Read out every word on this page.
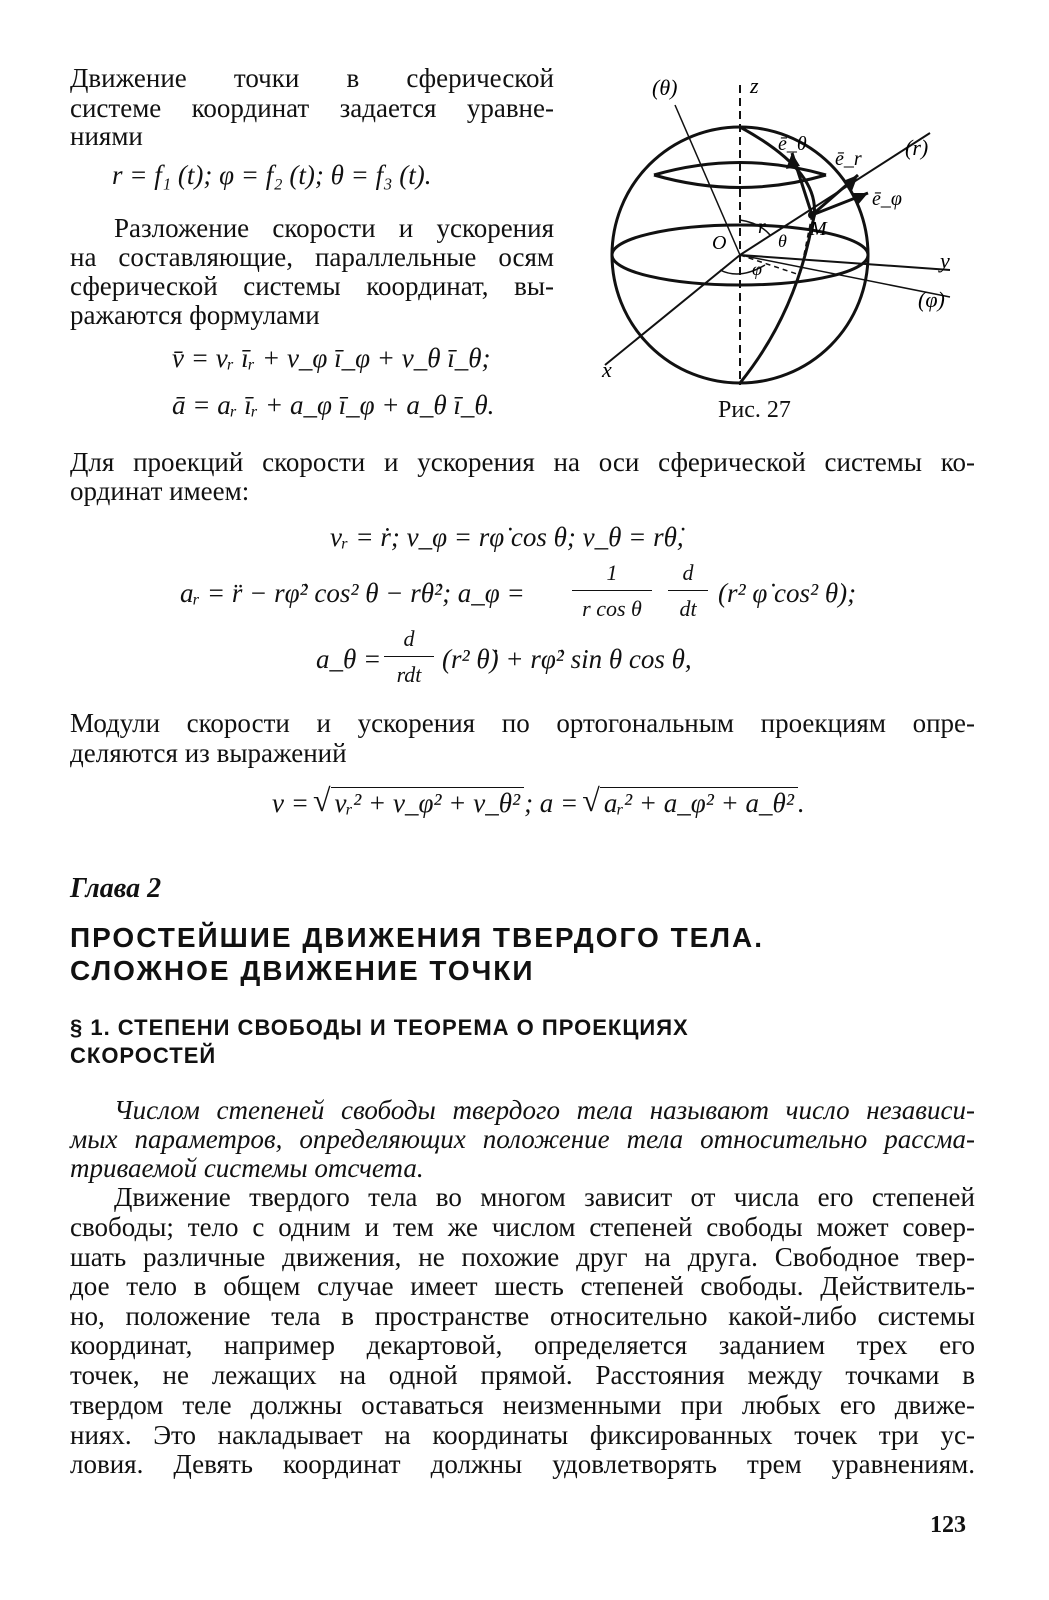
Движение точки в сферической
системе координат задается уравне-
ниями
r = f₁ (t); φ = f₂ (t); θ = f₃ (t).
Разложение скорости и ускорения
на составляющие, параллельные осям
сферической системы координат, вы-
ражаются формулами
v̄ = vᵣ īᵣ + v_φ ī_φ + v_θ ī_θ;
ā = aᵣ īᵣ + a_φ ī_φ + a_θ ī_θ.
(θ)	z
(r)
(φ)
y
x
O
M
r
θ
φ
ē_θ
ē_r
ē_φ
Рис. 27
Для проекций скорости и ускорения на оси сферической системы ко-
ординат имеем:
vᵣ = ṙ; v_φ = rφ̇ cos θ; v_θ = rθ̇,
aᵣ = r̈ − rφ̇² cos² θ − rθ̇²; a_φ =
1
r cos θ
d
dt
(r² φ̇ cos² θ);
a_θ =
d
rdt
(r² θ̇) + rφ̇² sin θ cos θ,
Модули скорости и ускорения по ортогональным проекциям опре-
деляются из выражений
v = √ vᵣ² + v_φ² + v_θ² ; a = √ aᵣ² + a_φ² + a_θ² .
Глава 2
ПРОСТЕЙШИЕ ДВИЖЕНИЯ ТВЕРДОГО ТЕЛА.
СЛОЖНОЕ ДВИЖЕНИЕ ТОЧКИ
§ 1. СТЕПЕНИ СВОБОДЫ И ТЕОРЕМА О ПРОЕКЦИЯХ
СКОРОСТЕЙ
Числом степеней свободы твердого тела называют число независи-
мых параметров, определяющих положение тела относительно рассма-
триваемой системы отсчета.
Движение твердого тела во многом зависит от числа его степеней
свободы; тело с одним и тем же числом степеней свободы может совер-
шать различные движения, не похожие друг на друга. Свободное твер-
дое тело в общем случае имеет шесть степеней свободы. Действитель-
но, положение тела в пространстве относительно какой-либо системы
координат, например декартовой, определяется заданием трех его
точек, не лежащих на одной прямой. Расстояния между точками в
твердом теле должны оставаться неизменными при любых его движе-
ниях. Это накладывает на координаты фиксированных точек три ус-
ловия. Девять координат должны удовлетворять трем уравнениям.
123
